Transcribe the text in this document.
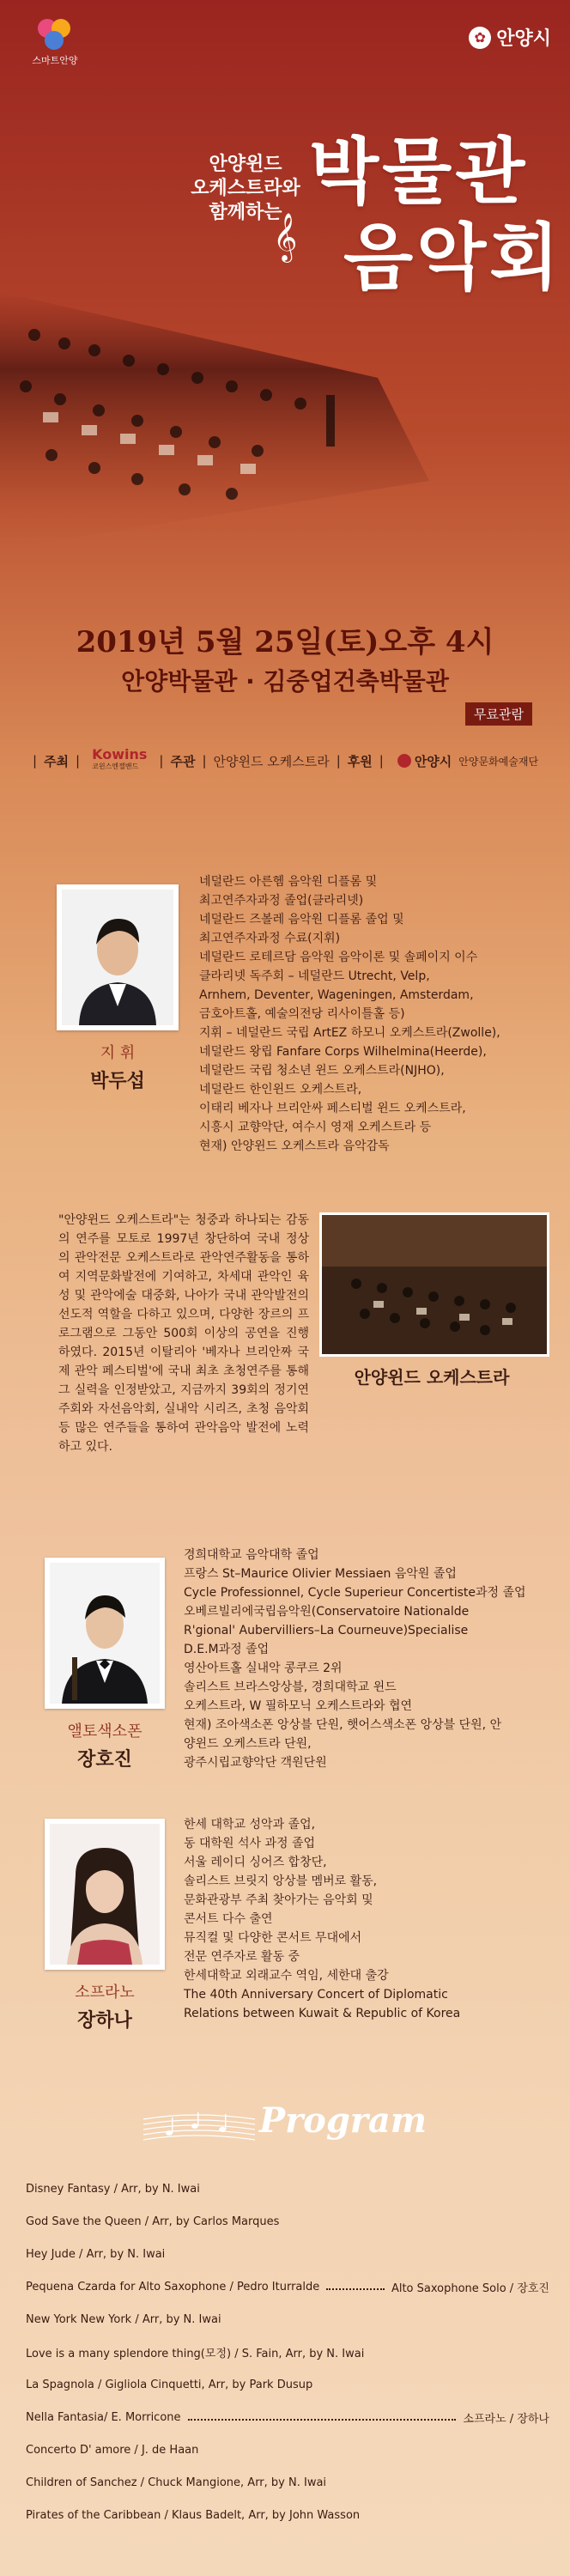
스마트안양
✿ 안양시
안양윈드
오케스트라와
함께하는 박물관
음악회
𝄞
2019년 5월 25일(토)오후 4시
안양박물관 · 김중업건축박물관
무료관람
| 주최 | Kowins
코윈스엔젤밴드	| 주관 | 안양윈드 오케스트라 | 후원 | 안양시 안양문화예술재단
지 휘
박두섭
네덜란드 아른헴 음악원 디플롬 및
최고연주자과정 졸업(클라리넷)
네덜란드 즈볼레 음악원 디플롬 졸업 및
최고연주자과정 수료(지휘)
네덜란드 로테르담 음악원 음악이론 및 솔페이지 이수
클라리넷 독주회 – 네덜란드 Utrecht, Velp,
Arnhem, Deventer, Wageningen, Amsterdam,
금호아트홀, 예술의전당 리사이틀홀 등)
지휘 – 네덜란드 국립 ArtEZ 하모니 오케스트라(Zwolle),
네덜란드 왕립 Fanfare Corps Wilhelmina(Heerde),
네덜란드 국립 청소년 윈드 오케스트라(NJHO),
네덜란드 한인윈드 오케스트라,
이태리 베자나 브리안싸 페스티벌 윈드 오케스트라,
시흥시 교향악단, 여수시 영재 오케스트라 등
현재) 안양윈드 오케스트라 음악감독
"안양윈드 오케스트라"는 청중과 하나되는 감동의 연주를 모토로 1997년 창단하여 국내 정상의 관악전문 오케스트라로 관악연주활동을 통하여 지역문화발전에 기여하고, 차세대 관악인 육성 및 관악에술 대중화, 나아가 국내 관악발전의 선도적 역할을 다하고 있으며, 다양한 장르의 프로그램으로 그동안 500회 이상의 공연을 진행하였다. 2015년 이탈리아 '베자나 브리안짜 국제 관악 페스티벌'에 국내 최초 초청연주를 통해 그 실력을 인정받았고, 지금까지 39회의 정기연주회와 자선음악회, 실내악 시리즈, 초청 음악회 등 많은 연주들을 통하여 관악음악 발전에 노력하고 있다.
안양윈드 오케스트라
앨토색소폰
장호진
경희대학교 음악대학 졸업
프랑스 St–Maurice Olivier Messiaen 음악원 졸업
Cycle Professionnel, Cycle Superieur Concertiste과정 졸업
오베르빌리에국립음악원(Conservatoire Nationalde
R'gional' Aubervilliers–La Courneuve)Specialise
D.E.M과정 졸업
영산아트홀 실내악 콩쿠르 2위
솔리스트 브라스앙상블, 경희대학교 윈드
오케스트라, W 필하모닉 오케스트라와 협연
현재) 조아색소폰 앙상블 단원, 햇어스색소폰 앙상블 단원, 안
양윈드 오케스트라 단원,
광주시립교향악단 객원단원
소프라노
장하나
한세 대학교 성악과 졸업,
동 대학원 석사 과정 졸업
서울 레이디 싱어즈 합창단,
솔리스트 브릿지 앙상블 멤버로 활동,
문화관광부 주최 찾아가는 음악회 및
콘서트 다수 출연
뮤직컬 및 다양한 콘서트 무대에서
전문 연주자로 활동 중
한세대학교 외래교수 역임, 세한대 출강
The 40th Anniversary Concert of Diplomatic
Relations between Kuwait & Republic of Korea
Program
Disney Fantasy / Arr, by N. Iwai
God Save the Queen / Arr, by Carlos Marques
Hey Jude / Arr, by N. Iwai
Pequena Czarda for Alto Saxophone / Pedro Iturralde	Alto Saxophone Solo / 장호진
New York New York / Arr, by N. Iwai
Love is a many splendore thing(모정) / S. Fain, Arr, by N. Iwai
La Spagnola / Gigliola Cinquetti, Arr, by Park Dusup
Nella Fantasia/ E. Morricone	소프라노 / 장하나
Concerto D' amore / J. de Haan
Children of Sanchez / Chuck Mangione, Arr, by N. Iwai
Pirates of the Caribbean / Klaus Badelt, Arr, by John Wasson
